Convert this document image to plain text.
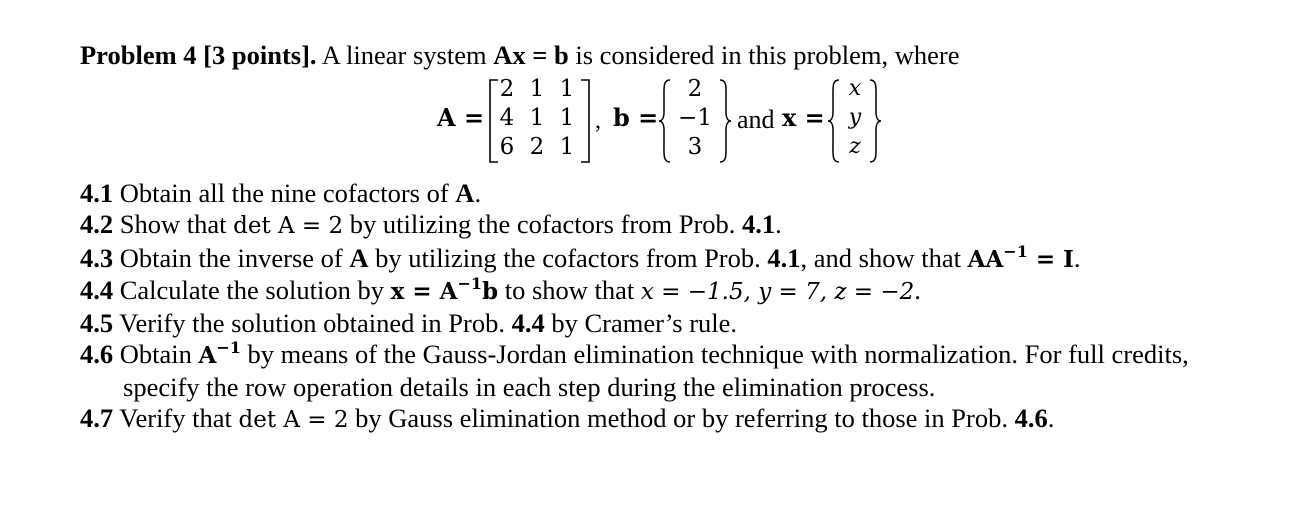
Problem 4 [3 points]. A linear system Ax = b is considered in this problem, where
A =
2 1 1
4 1 1
6 2 1
, b =
2
−1
3
and x =
x
y
z
4.1 Obtain all the nine cofactors of A.
4.2 Show that det A = 2 by utilizing the cofactors from Prob. 4.1.
4.3 Obtain the inverse of A by utilizing the cofactors from Prob. 4.1, and show that $AA^{-1} = I$.
4.4 Calculate the solution by $x = A^{-1}b$ to show that x = −1.5, y = 7, z = −2.
4.5 Verify the solution obtained in Prob. 4.4 by Cramer’s rule.
4.6 Obtain $A^{-1}$ by means of the Gauss-Jordan elimination technique with normalization. For full credits,
specify the row operation details in each step during the elimination process.
4.7 Verify that det A = 2 by Gauss elimination method or by referring to those in Prob. 4.6.
